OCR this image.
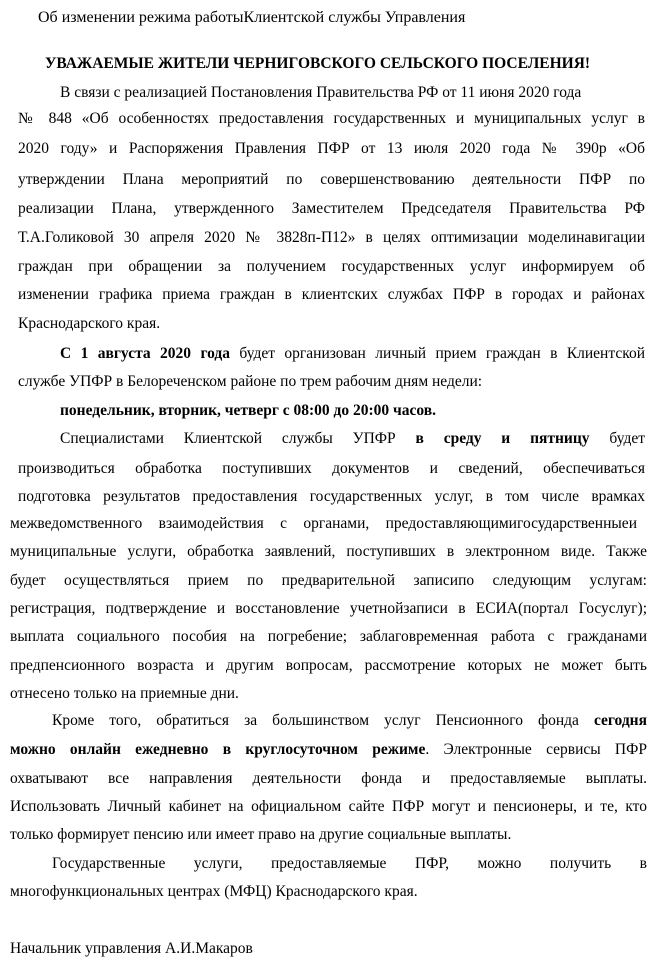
Об изменении режима работыКлиентской службы Управления
УВАЖАЕМЫЕ ЖИТЕЛИ ЧЕРНИГОВСКОГО СЕЛЬСКОГО ПОСЕЛЕНИЯ!
В связи с реализацией Постановления Правительства РФ от 11 июня 2020 года
№ 848 «Об особенностях предоставления государственных и муниципальных услуг в
2020 году» и Распоряжения Правления ПФР от 13 июля 2020 года № 390р «Об
утверждении Плана мероприятий по совершенствованию деятельности ПФР по
реализации Плана, утвержденного Заместителем Председателя Правительства РФ
Т.А.Голиковой 30 апреля 2020 № 3828п-П12» в целях оптимизации моделинавигации
граждан при обращении за получением государственных услуг информируем об
изменении графика приема граждан в клиентских службах ПФР в городах и районах
Краснодарского края.
С 1 августа 2020 года будет организован личный прием граждан в Клиентской
службе УПФР в Белореченском районе по трем рабочим дням недели:
понедельник, вторник, четверг с 08:00 до 20:00 часов.
Специалистами Клиентской службы УПФР в среду и пятницу будет
производиться обработка поступивших документов и сведений, обеспечиваться
подготовка результатов предоставления государственных услуг, в том числе врамках
межведомственного взаимодействия с органами, предоставляющимигосударственныеи
муниципальные услуги, обработка заявлений, поступивших в электронном виде. Также
будет осуществляться прием по предварительной записипо следующим услугам:
регистрация, подтверждение и восстановление учетнойзаписи в ЕСИА(портал Госуслуг);
выплата социального пособия на погребение; заблаговременная работа с гражданами
предпенсионного возраста и другим вопросам, рассмотрение которых не может быть
отнесено только на приемные дни.
Кроме того, обратиться за большинством услуг Пенсионного фонда сегодня
можно онлайн ежедневно в круглосуточном режиме. Электронные сервисы ПФР
охватывают все направления деятельности фонда и предоставляемые выплаты.
Использовать Личный кабинет на официальном сайте ПФР могут и пенсионеры, и те, кто
только формирует пенсию или имеет право на другие социальные выплаты.
Государственные услуги, предоставляемые ПФР, можно получить в
многофункциональных центрах (МФЦ) Краснодарского края.
Начальник управления А.И.Макаров
